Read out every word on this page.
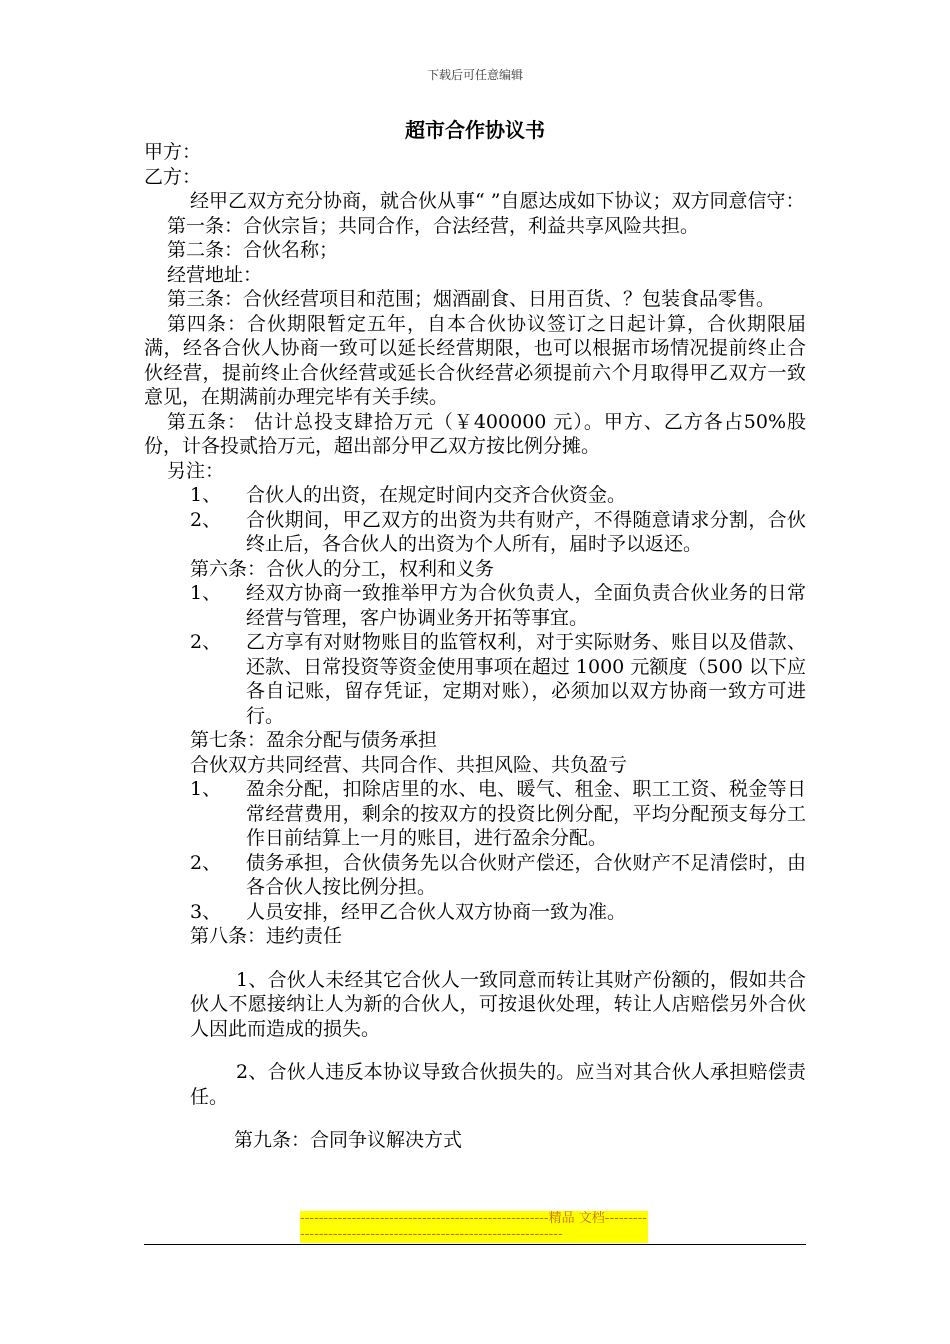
下载后可任意编辑
超市合作协议书

甲方：

乙方：

经甲乙双方充分协商，就合伙从事“ ”自愿达成如下协议；双方同意信守：

第一条：合伙宗旨；共同合作，合法经营，利益共享风险共担。

第二条：合伙名称；

经营地址：

第三条：合伙经营项目和范围；烟酒副食、日用百货、？包装食品零售。

第四条：合伙期限暂定五年，自本合伙协议签订之日起计算，合伙期限届满，经各合伙人协商一致可以延长经营期限，也可以根据市场情况提前终止合伙经营，提前终止合伙经营或延长合伙经营必须提前六个月取得甲乙双方一致意见，在期满前办理完毕有关手续。

第五条： 估计总投支肆拾万元（￥400000 元）。甲方、乙方各占50%股份，计各投贰拾万元，超出部分甲乙双方按比例分摊。

另注：

1、	合伙人的出资，在规定时间内交齐合伙资金。
2、	合伙期间，甲乙双方的出资为共有财产，不得随意请求分割，合伙终止后，各合伙人的出资为个人所有，届时予以返还。

第六条：合伙人的分工，权利和义务

1、	经双方协商一致推举甲方为合伙负责人，全面负责合伙业务的日常经营与管理，客户协调业务开拓等事宜。
2、	乙方享有对财物账目的监管权利，对于实际财务、账目以及借款、还款、日常投资等资金使用事项在超过 1000 元额度（500 以下应各自记账，留存凭证，定期对账），必须加以双方协商一致方可进行。

第七条：盈余分配与债务承担

合伙双方共同经营、共同合作、共担风险、共负盈亏

1、	盈余分配，扣除店里的水、电、暖气、租金、职工工资、税金等日常经营费用，剩余的按双方的投资比例分配，平均分配预支每分工作日前结算上一月的账目，进行盈余分配。
2、	债务承担，合伙债务先以合伙财产偿还，合伙财产不足清偿时，由各合伙人按比例分担。
3、	人员安排，经甲乙合伙人双方协商一致为准。

第八条：违约责任

1、合伙人未经其它合伙人一致同意而转让其财产份额的，假如共合伙人不愿接纳让人为新的合伙人，可按退伙处理，转让人店赔偿另外合伙人因此而造成的损失。

2、合伙人违反本协议导致合伙损失的。应当对其合伙人承担赔偿责任。

第九条：合同争议解决方式

-----------------------------------------------------精品 文档-----------------------------------------------------------------
